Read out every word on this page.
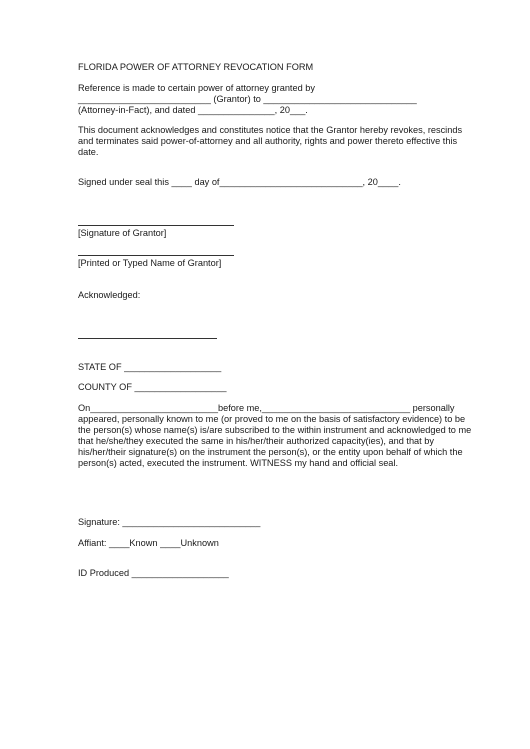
FLORIDA POWER OF ATTORNEY REVOCATION FORM

Reference is made to certain power of attorney granted by

__________________________ (Grantor) to ______________________________

(Attorney-in-Fact), and dated _______________, 20___.

This document acknowledges and constitutes notice that the Grantor hereby revokes, rescinds

and terminates said power-of-attorney and all authority, rights and power thereto effective this

date.

Signed under seal this ____ day of____________________________, 20____.

[Signature of Grantor]

[Printed or Typed Name of Grantor]

Acknowledged:

STATE OF ___________________

COUNTY OF __________________

On_________________________before me,_____________________________ personally

appeared, personally known to me (or proved to me on the basis of satisfactory evidence) to be

the person(s) whose name(s) is/are subscribed to the within instrument and acknowledged to me

that he/she/they executed the same in his/her/their authorized capacity(ies), and that by

his/her/their signature(s) on the instrument the person(s), or the entity upon behalf of which the

person(s) acted, executed the instrument. WITNESS my hand and official seal.

Signature: ___________________________

Affiant: ____Known ____Unknown

ID Produced ___________________
